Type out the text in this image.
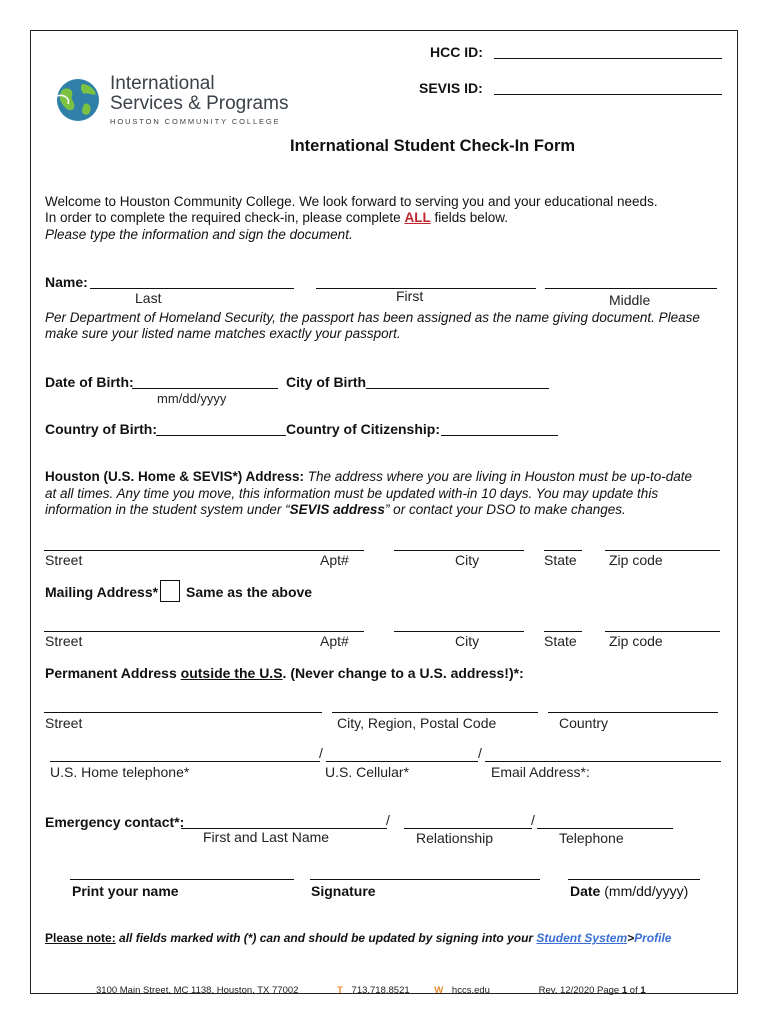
HCC ID:
SEVIS ID:
International
Services & Programs
HOUSTON COMMUNITY COLLEGE
International Student Check-In Form
Welcome to Houston Community College. We look forward to serving you and your educational needs.
In order to complete the required check-in, please complete ALL fields below.
Please type the information and sign the document.
Name:
Last	First	Middle
Per Department of Homeland Security, the passport has been assigned as the name giving document. Please
make sure your listed name matches exactly your passport.
Date of Birth:
mm/dd/yyyy
City of Birth
Country of Birth:	Country of Citizenship:
Houston (U.S. Home & SEVIS*) Address: The address where you are living in Houston must be up-to-date
at all times. Any time you move, this information must be updated with-in 10 days. You may update this
information in the student system under “SEVIS address” or contact your DSO to make changes.
Street	Apt#	City	State Zip code
Mailing Address* Same as the above
Street	Apt#	City	State Zip code
Permanent Address outside the U.S. (Never change to a U.S. address!)*:
Street	City, Region, Postal Code	Country
/	/
U.S. Home telephone*	U.S. Cellular*	Email Address*:
Emergency contact*:	/	/
First and Last Name	Relationship	Telephone
Print your name	Signature	Date (mm/dd/yyyy)
Please note: all fields marked with (*) can and should be updated by signing into your Student System>Profile
3100 Main Street, MC 1138, Houston, TX 77002	T 713.718.8521	W hccs.edu	Rev. 12/2020 Page 1 of 1
